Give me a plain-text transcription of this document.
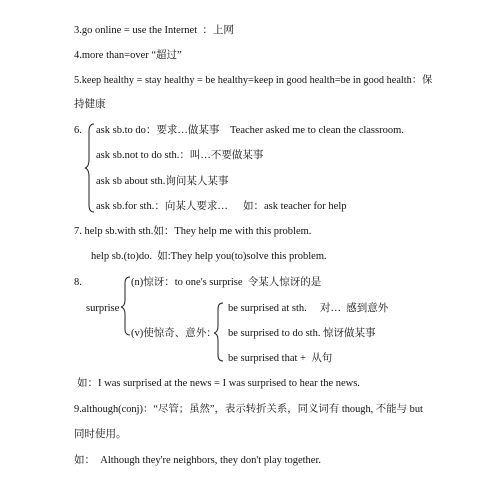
3.go online = use the Internet  ：上网
4.more than=over “超过”
5.keep healthy = stay healthy = be healthy=keep in good health=be in good health：保
持健康
6. ask sb.to do：要求…做某事 Teacher asked me to clean the classroom.
ask sb.not to do sth.：叫…不要做某事
ask sb about sth.询问某人某事
ask sb.for sth.：向某人要求… 如：ask teacher for help
7. help sb.with sth.如：They help me with this problem.
help sb.(to)do.  如:They help you(to)solve this problem.
8.
surprise
(n)惊讶：to one's surprise  令某人惊讶的是
(v)使惊奇、意外：
be surprised at sth. 对…  感到意外
be surprised to do sth. 惊讶做某事
be surprised that +  从句
如：I was surprised at the news = I was surprised to hear the news.
9.although(conj)：“尽管；虽然”，表示转折关系，同义词有 though, 不能与 but
同时使用。
如：  Although they're neighbors, they don't play together.
